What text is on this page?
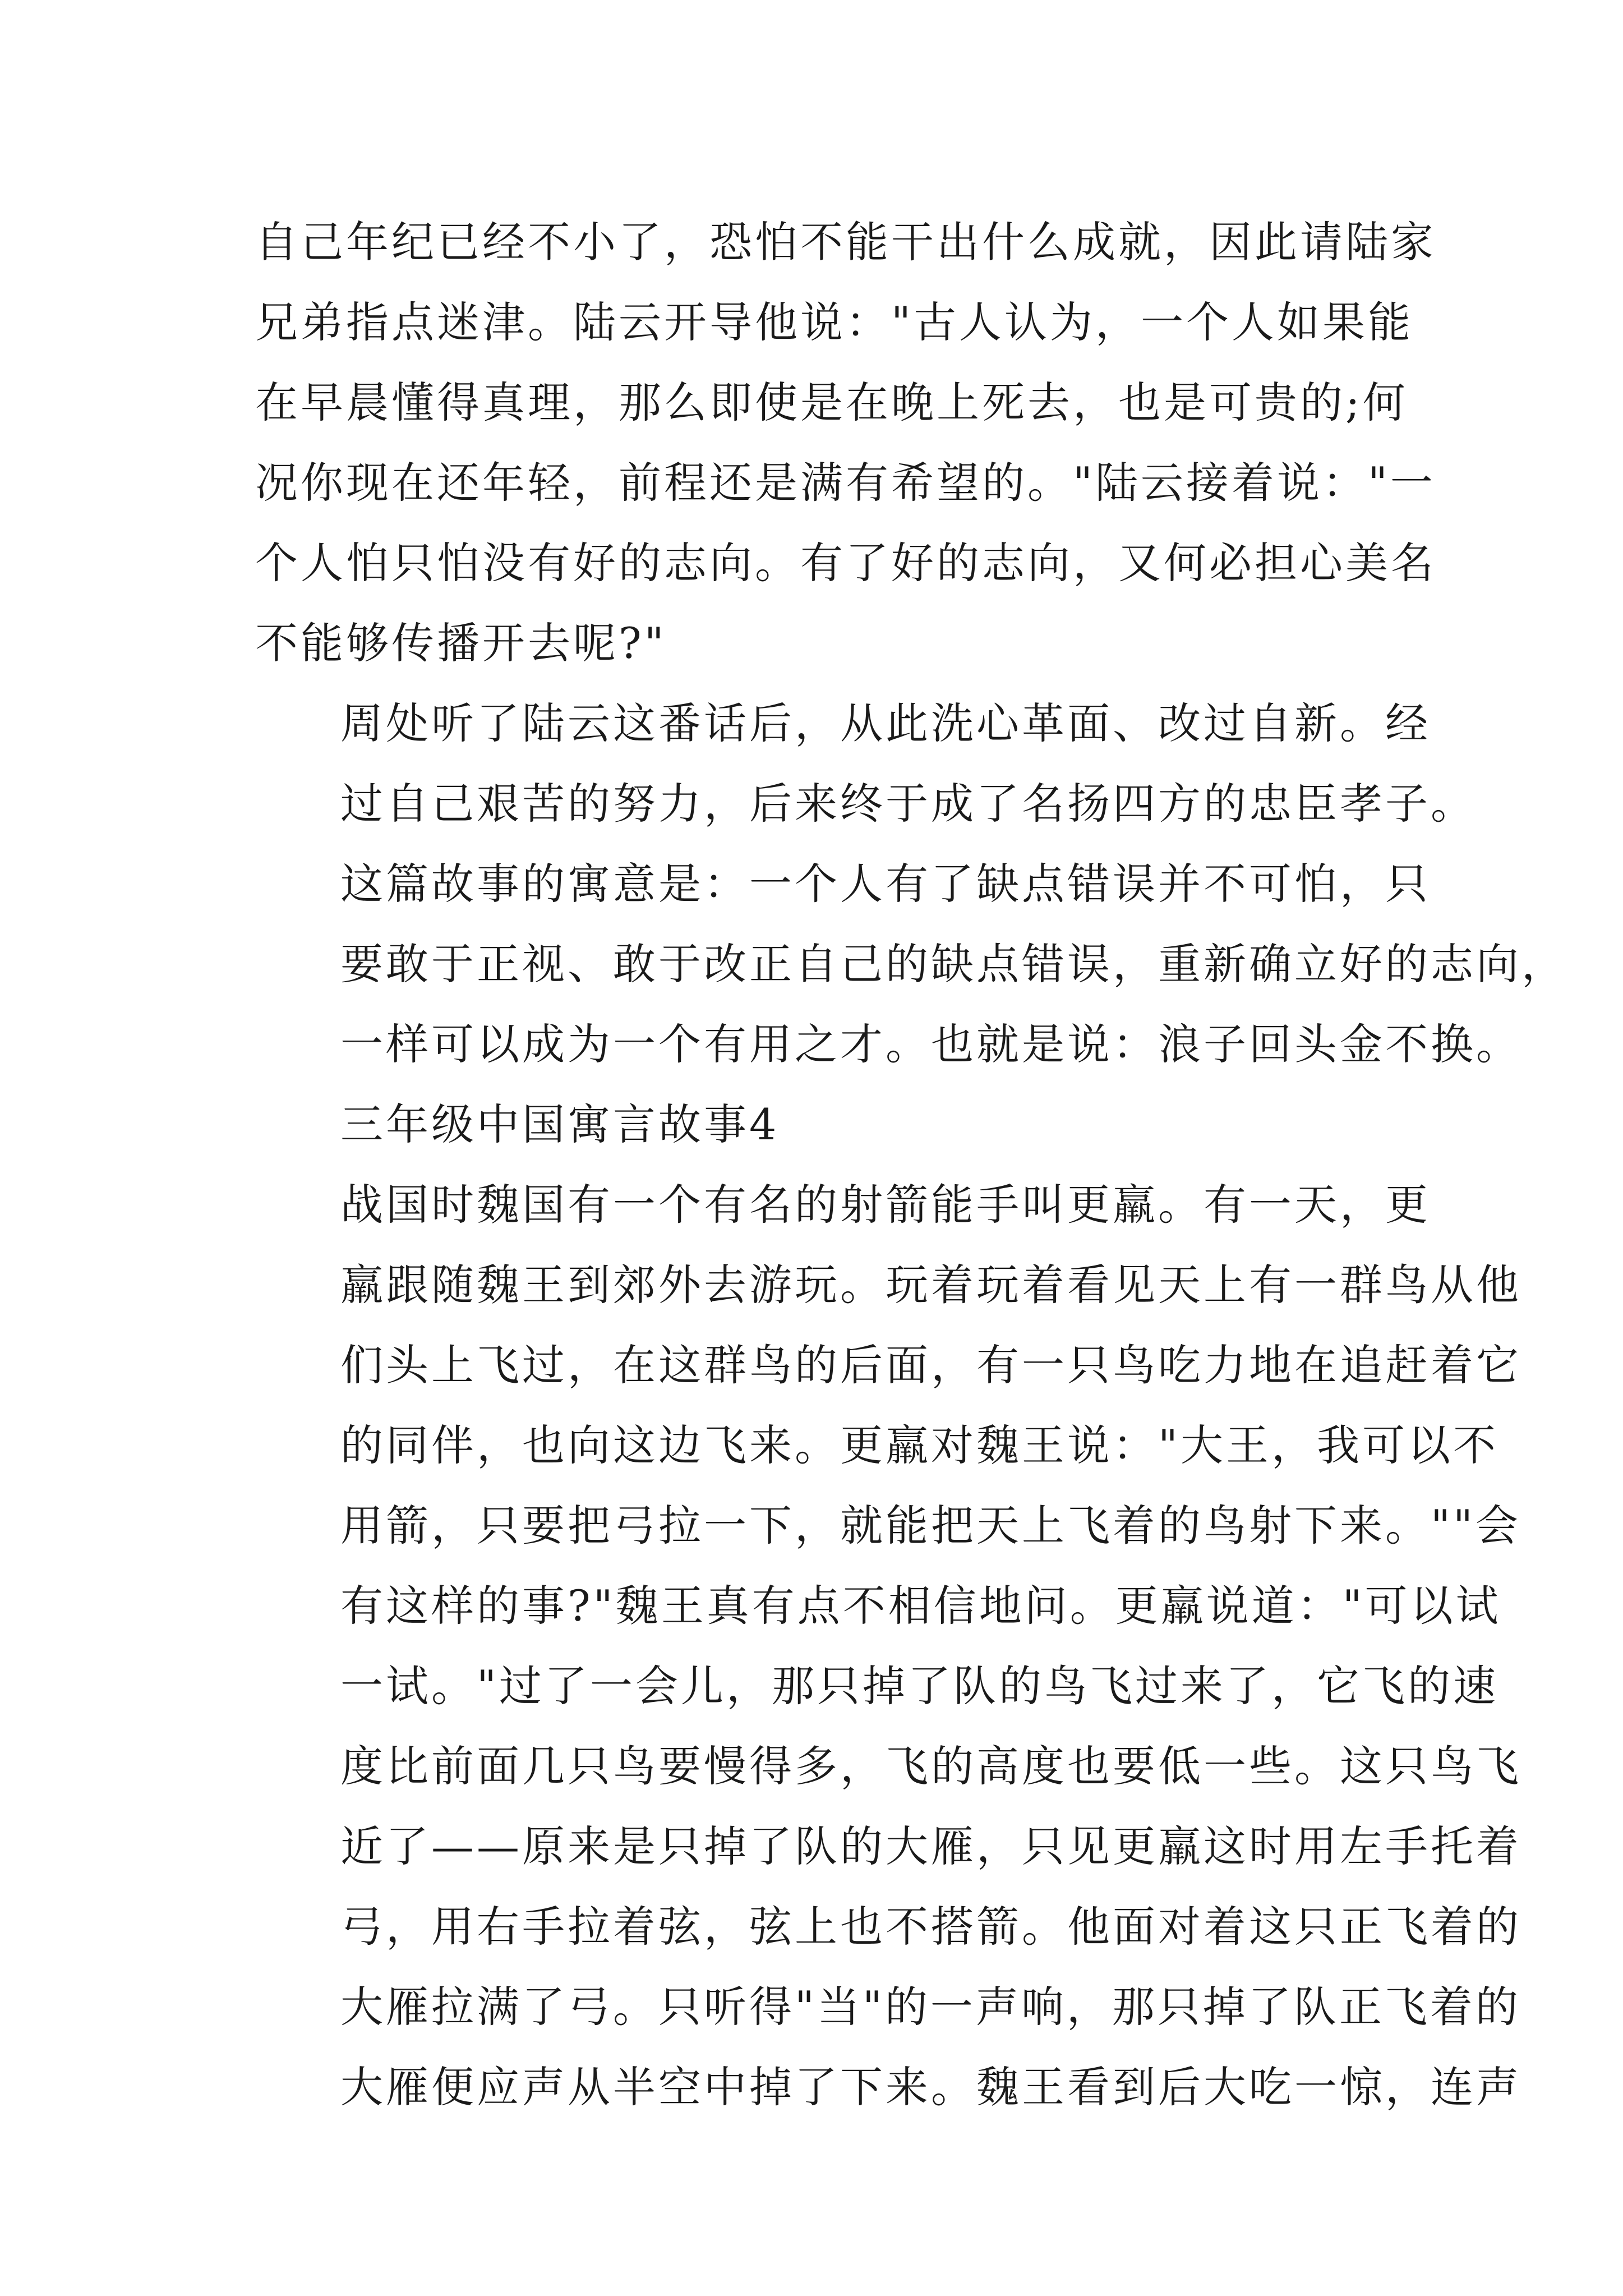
自己年纪已经不小了，恐怕不能干出什么成就，因此请陆家
兄弟指点迷津。陆云开导他说："古人认为，一个人如果能
在早晨懂得真理，那么即使是在晚上死去，也是可贵的;何
况你现在还年轻，前程还是满有希望的。"陆云接着说："一
个人怕只怕没有好的志向。有了好的志向，又何必担心美名
不能够传播开去呢?"
周处听了陆云这番话后，从此洗心革面、改过自新。经
过自己艰苦的努力，后来终于成了名扬四方的忠臣孝子。
这篇故事的寓意是：一个人有了缺点错误并不可怕，只
要敢于正视、敢于改正自己的缺点错误，重新确立好的志向，
一样可以成为一个有用之才。也就是说：浪子回头金不换。
三年级中国寓言故事4
战国时魏国有一个有名的射箭能手叫更羸。有一天，更
羸跟随魏王到郊外去游玩。玩着玩着看见天上有一群鸟从他
们头上飞过，在这群鸟的后面，有一只鸟吃力地在追赶着它
的同伴，也向这边飞来。更羸对魏王说："大王，我可以不
用箭，只要把弓拉一下，就能把天上飞着的鸟射下来。""会
有这样的事?"魏王真有点不相信地问。更羸说道："可以试
一试。"过了一会儿，那只掉了队的鸟飞过来了，它飞的速
度比前面几只鸟要慢得多，飞的高度也要低一些。这只鸟飞
近了——原来是只掉了队的大雁，只见更羸这时用左手托着
弓，用右手拉着弦，弦上也不搭箭。他面对着这只正飞着的
大雁拉满了弓。只听得"当"的一声响，那只掉了队正飞着的
大雁便应声从半空中掉了下来。魏王看到后大吃一惊，连声
